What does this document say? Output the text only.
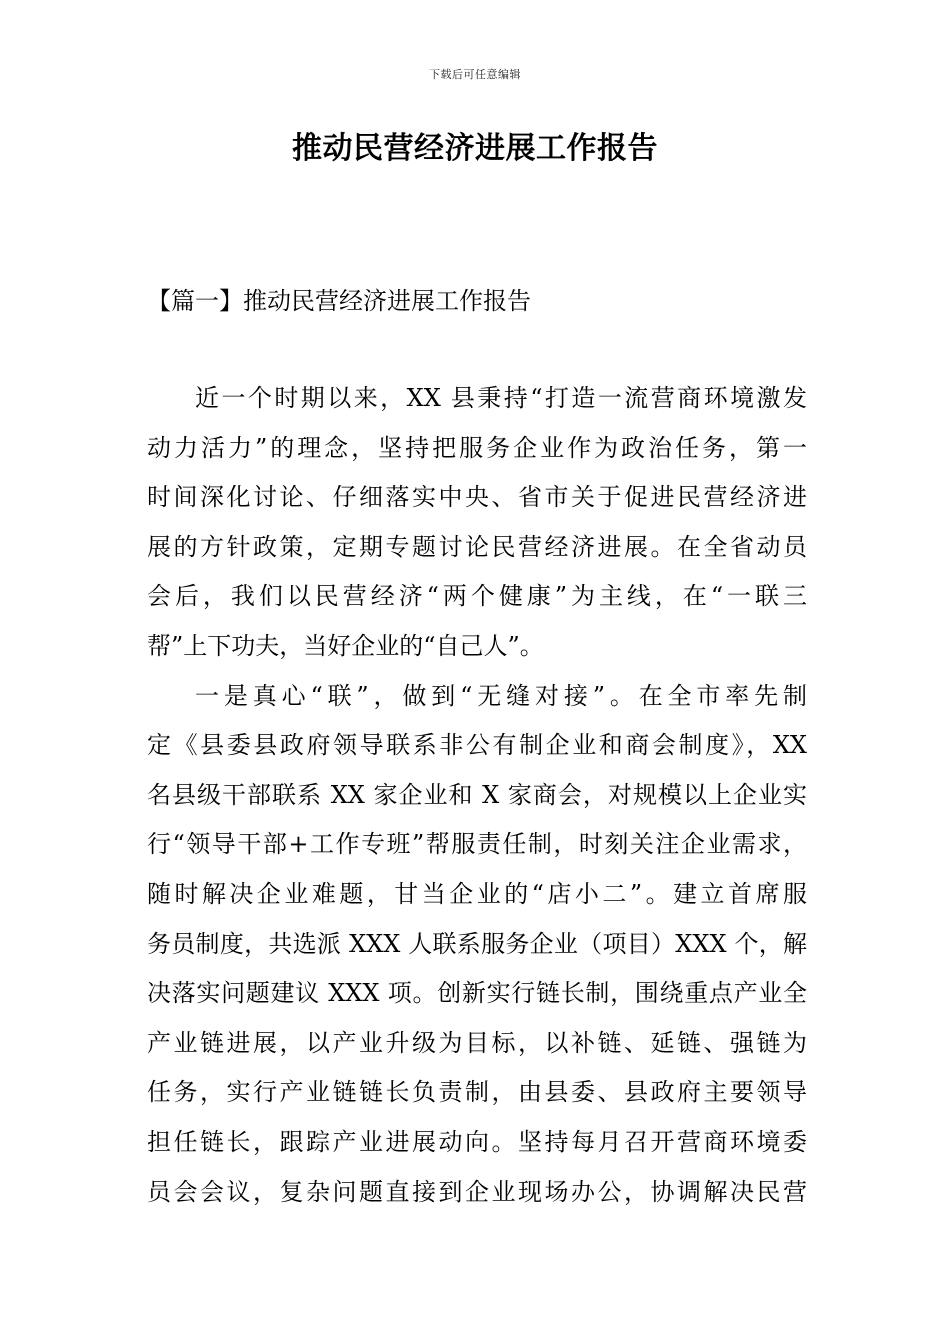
下载后可任意编辑
推动民营经济进展工作报告
【篇一】推动民营经济进展工作报告
近一个时期以来，XX 县秉持“打造一流营商环境激发
动力活力”的理念，坚持把服务企业作为政治任务，第一
时间深化讨论、仔细落实中央、省市关于促进民营经济进
展的方针政策，定期专题讨论民营经济进展。在全省动员
会后，我们以民营经济“两个健康”为主线，在“一联三
帮”上下功夫，当好企业的“自己人”。
一是真心“联”，做到“无缝对接”。在全市率先制
定《县委县政府领导联系非公有制企业和商会制度》，XX
名县级干部联系 XX 家企业和 X 家商会，对规模以上企业实
行“领导干部+工作专班”帮服责任制，时刻关注企业需求，
随时解决企业难题，甘当企业的“店小二”。建立首席服
务员制度，共选派 XXX 人联系服务企业（项目）XXX 个，解
决落实问题建议 XXX 项。创新实行链长制，围绕重点产业全
产业链进展，以产业升级为目标，以补链、延链、强链为
任务，实行产业链链长负责制，由县委、县政府主要领导
担任链长，跟踪产业进展动向。坚持每月召开营商环境委
员会会议，复杂问题直接到企业现场办公，协调解决民营
